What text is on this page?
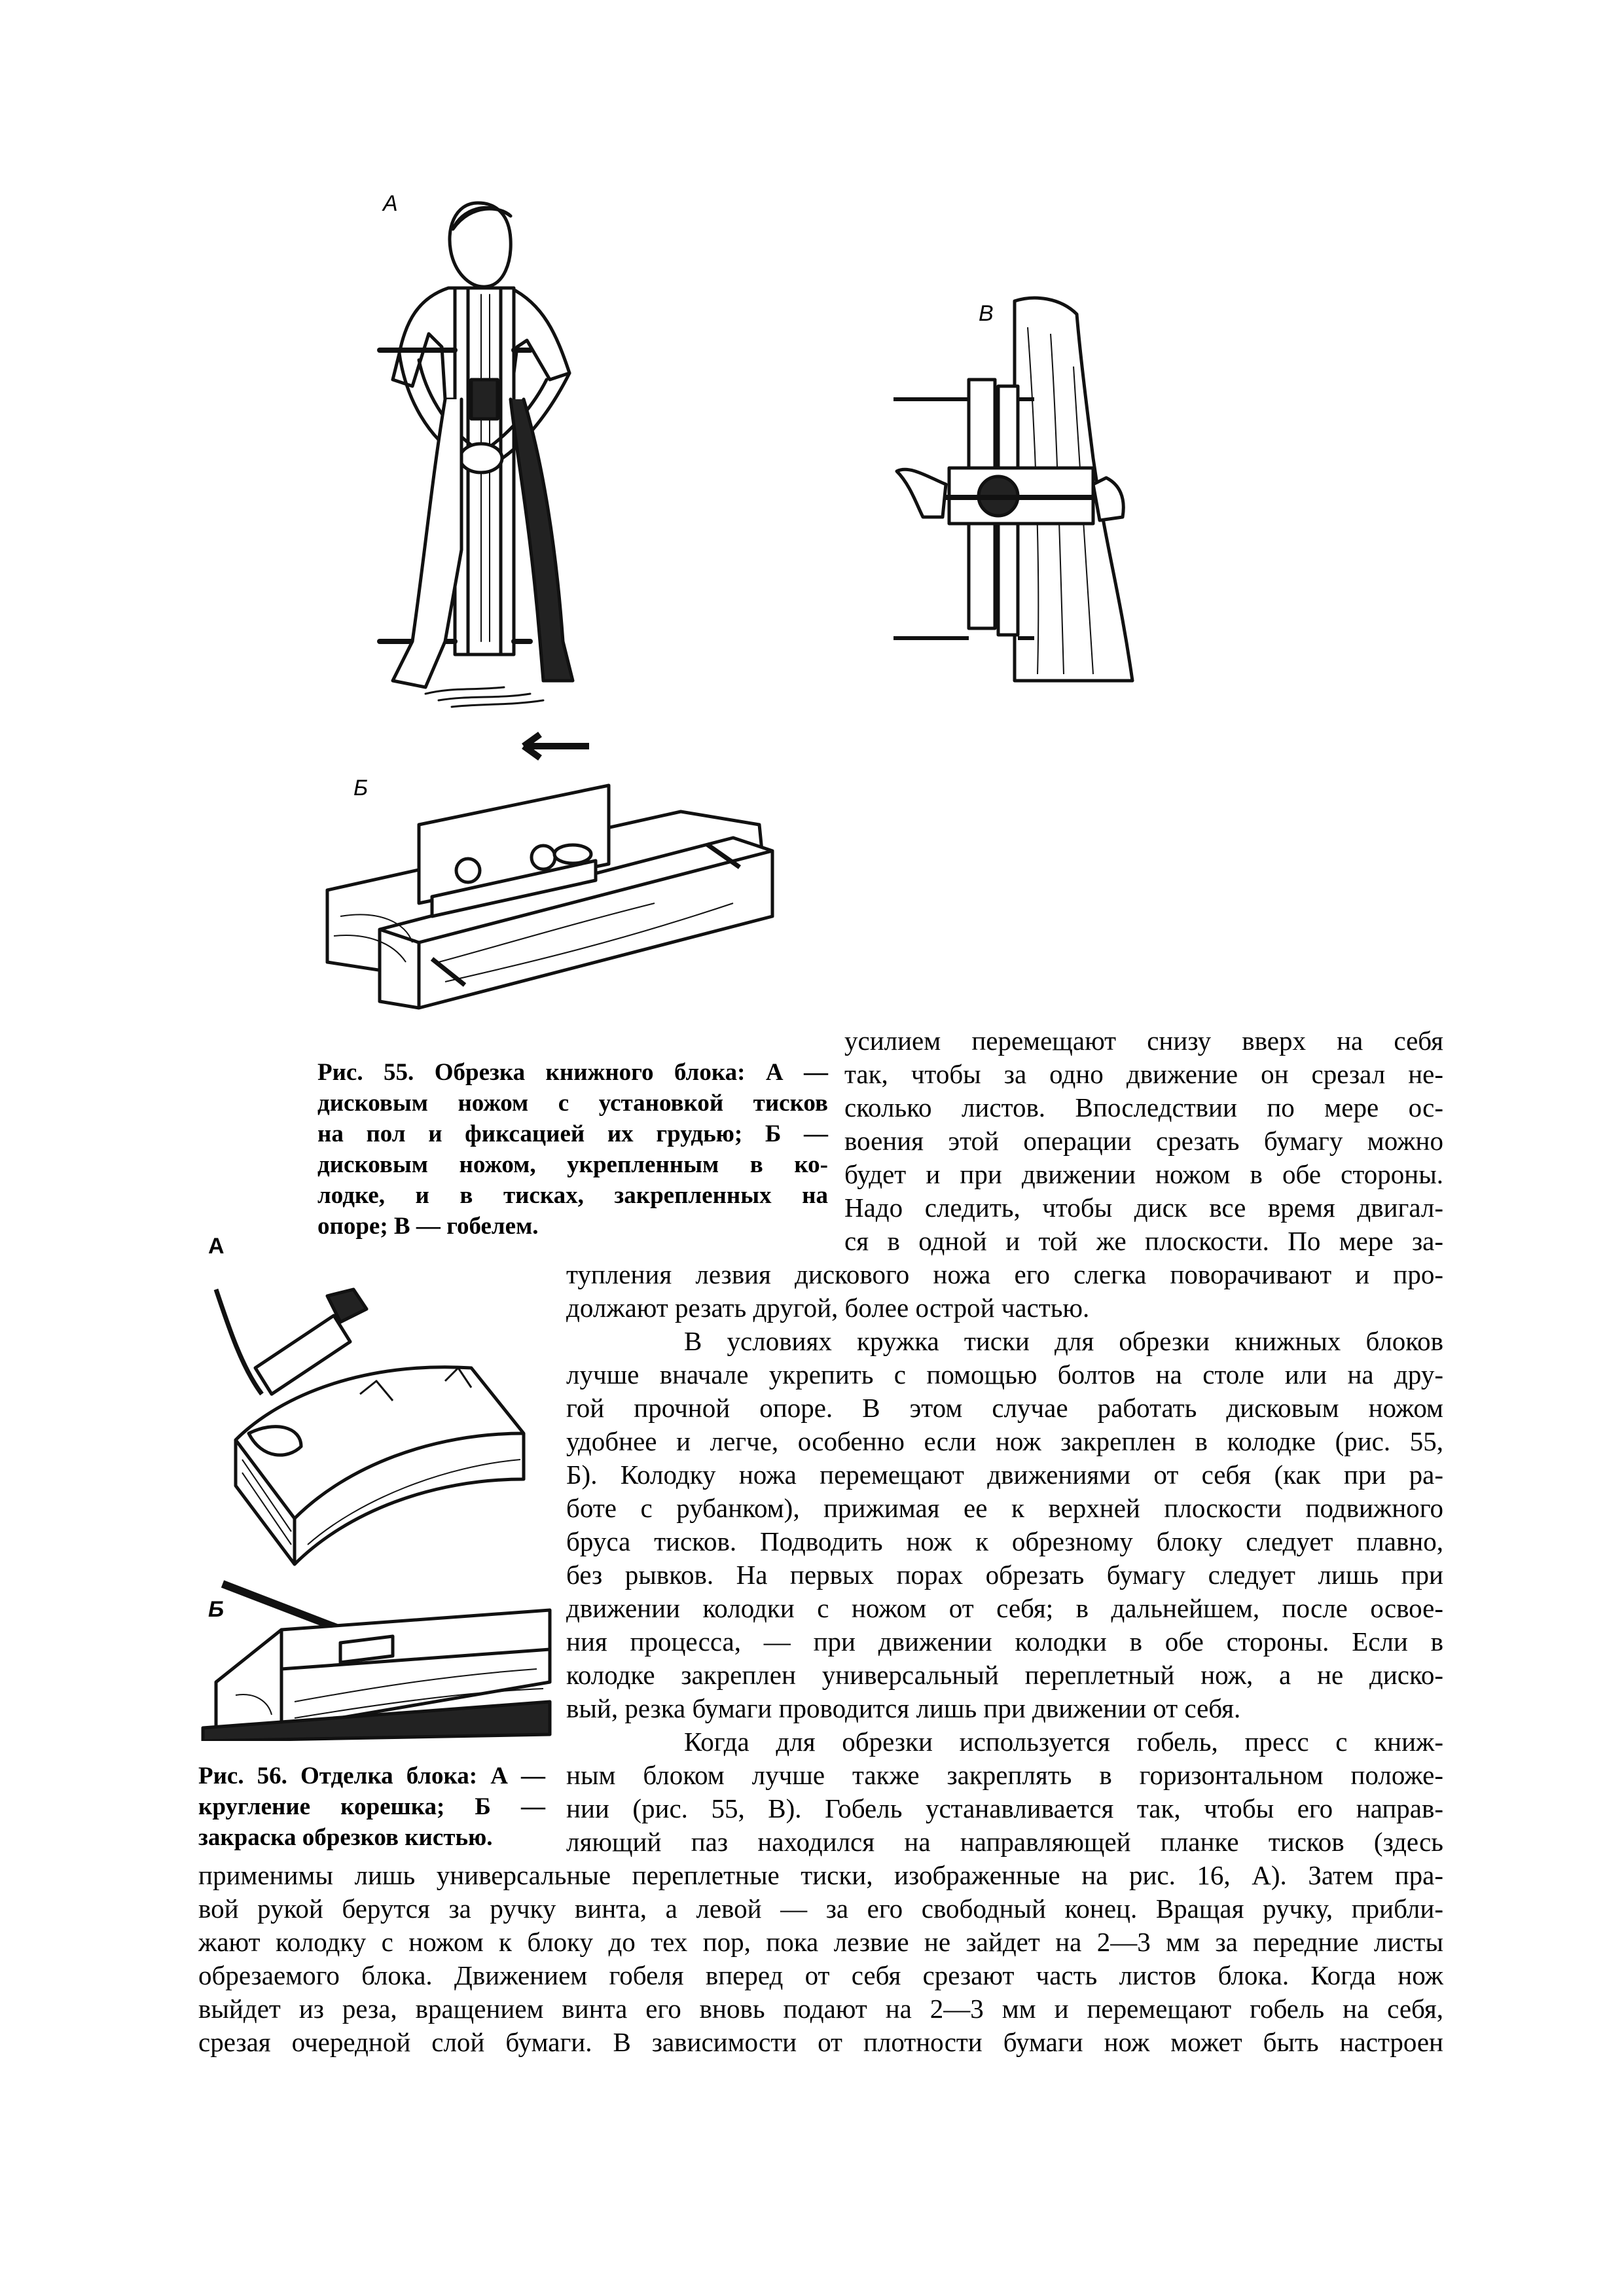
А
Б
В
Рис. 55. Обрезка книжного блока: А —
дисковым ножом с установкой тисков
на пол и фиксацией их грудью; Б —
дисковым ножом, укрепленным в ко-
лодке, и в тисках, закрепленных на
опоре; В — гобелем.
А
Б
Рис. 56. Отделка блока: А —
кругление корешка; Б —
закраска обрезков кистью.
усилием перемещают снизу вверх на себя
так, чтобы за одно движение он срезал не-
сколько листов. Впоследствии по мере ос-
воения этой операции срезать бумагу можно
будет и при движении ножом в обе стороны.
Надо следить, чтобы диск все время двигал-
ся в одной и той же плоскости. По мере за-
тупления лезвия дискового ножа его слегка поворачивают и про-
должают резать другой, более острой частью.
В условиях кружка тиски для обрезки книжных блоков
лучше вначале укрепить с помощью болтов на столе или на дру-
гой прочной опоре. В этом случае работать дисковым ножом
удобнее и легче, особенно если нож закреплен в колодке (рис. 55,
Б). Колодку ножа перемещают движениями от себя (как при ра-
боте с рубанком), прижимая ее к верхней плоскости подвижного
бруса тисков. Подводить нож к обрезному блоку следует плавно,
без рывков. На первых порах обрезать бумагу следует лишь при
движении колодки с ножом от себя; в дальнейшем, после освое-
ния процесса, — при движении колодки в обе стороны. Если в
колодке закреплен универсальный переплетный нож, а не диско-
вый, резка бумаги проводится лишь при движении от себя.
Когда для обрезки используется гобель, пресс с книж-
ным блоком лучше также закреплять в горизонтальном положе-
нии (рис. 55, В). Гобель устанавливается так, чтобы его направ-
ляющий паз находился на направляющей планке тисков (здесь
применимы лишь универсальные переплетные тиски, изображенные на рис. 16, А). Затем пра-
вой рукой берутся за ручку винта, а левой — за его свободный конец. Вращая ручку, прибли-
жают колодку с ножом к блоку до тех пор, пока лезвие не зайдет на 2—3 мм за передние листы
обрезаемого блока. Движением гобеля вперед от себя срезают часть листов блока. Когда нож
выйдет из реза, вращением винта его вновь подают на 2—3 мм и перемещают гобель на себя,
срезая очередной слой бумаги. В зависимости от плотности бумаги нож может быть настроен
